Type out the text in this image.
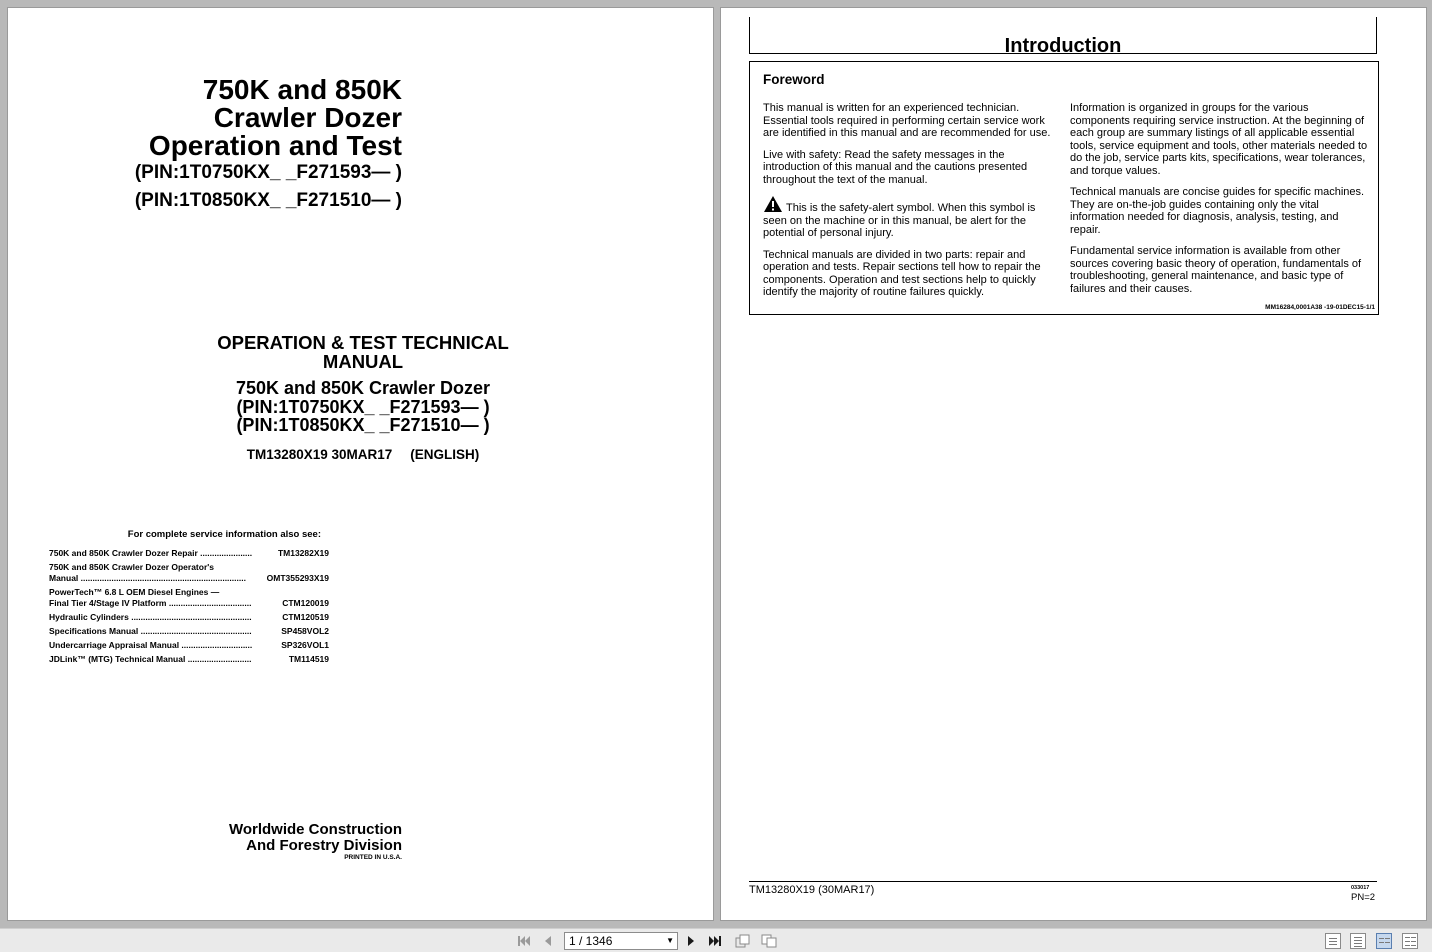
750K and 850K
Crawler Dozer
Operation and Test
(PIN:1T0750KX_ _F271593— )
(PIN:1T0850KX_ _F271510— )
OPERATION & TEST TECHNICAL
MANUAL
750K and 850K Crawler Dozer
(PIN:1T0750KX_ _F271593— )
(PIN:1T0850KX_ _F271510— )
TM13280X19 30MAR17 (ENGLISH)
For complete service information also see:
750K and 850K Crawler Dozer Repair .....	TM13282X19
750K and 850K Crawler Dozer Operator's
Manual .....	OMT355293X19
PowerTech™ 6.8 L OEM Diesel Engines —
Final Tier 4/Stage IV Platform .....	CTM120019
Hydraulic Cylinders .....	CTM120519
Specifications Manual .....	SP458VOL2
Undercarriage Appraisal Manual .....	SP326VOL1
JDLink™ (MTG) Technical Manual .....	TM114519
Worldwide Construction
And Forestry Division
PRINTED IN U.S.A.
Introduction
Foreword

This manual is written for an experienced technician. Essential tools required in performing certain service work are identified in this manual and are recommended for use.

Live with safety: Read the safety messages in the introduction of this manual and the cautions presented throughout the text of the manual.

This is the safety-alert symbol. When this symbol is seen on the machine or in this manual, be alert for the potential of personal injury.

Technical manuals are divided in two parts: repair and operation and tests. Repair sections tell how to repair the components. Operation and test sections help to quickly identify the majority of routine failures quickly.

Information is organized in groups for the various components requiring service instruction. At the beginning of each group are summary listings of all applicable essential tools, service equipment and tools, other materials needed to do the job, service parts kits, specifications, wear tolerances, and torque values.

Technical manuals are concise guides for specific machines. They are on-the-job guides containing only the vital information needed for diagnosis, analysis, testing, and repair.

Fundamental service information is available from other sources covering basic theory of operation, fundamentals of troubleshooting, general maintenance, and basic type of failures and their causes.

MM16284,0001A38 -19-01DEC15-1/1
TM13280X19 (30MAR17)	033017
PN=2
1 / 1346	▼
